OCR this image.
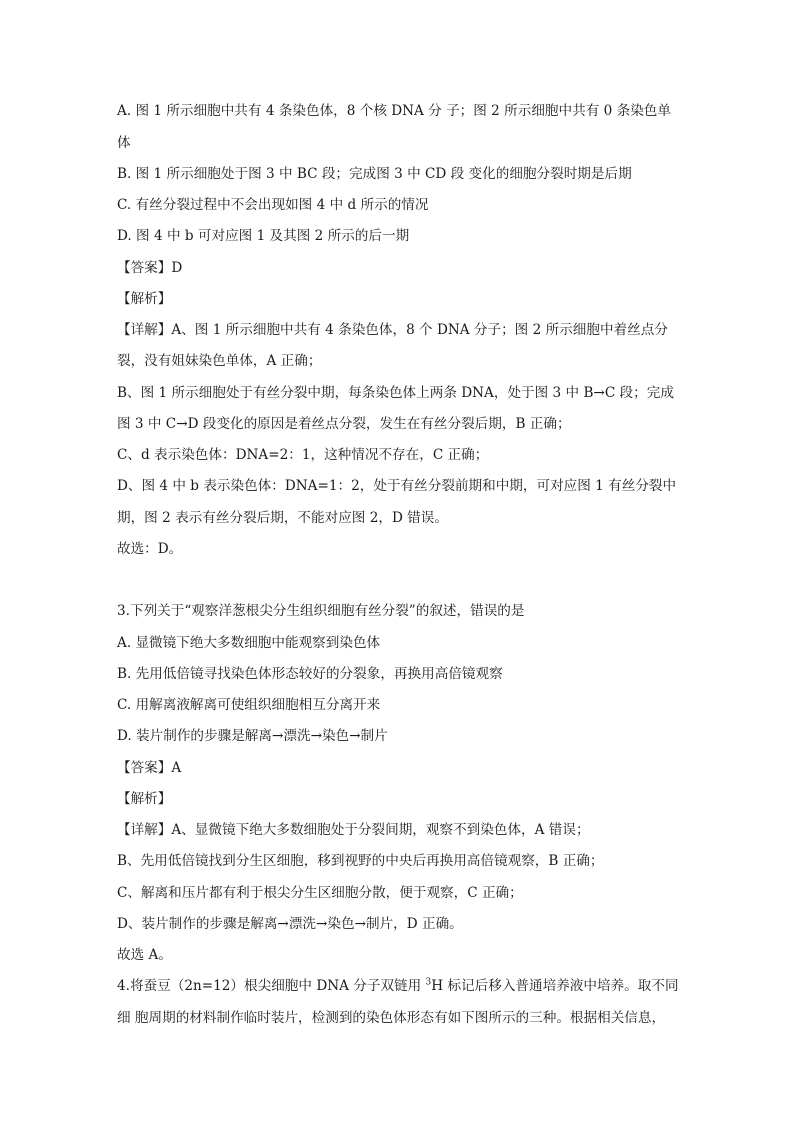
A. 图 1 所示细胞中共有 4 条染色体，8 个核 DNA 分 子；图 2 所示细胞中共有 0 条染色单
体
B. 图 1 所示细胞处于图 3 中 BC 段；完成图 3 中 CD 段 变化的细胞分裂时期是后期
C. 有丝分裂过程中不会出现如图 4 中 d 所示的情况
D. 图 4 中 b 可对应图 1 及其图 2 所示的后一期
【答案】D
【解析】
【详解】A、图 1 所示细胞中共有 4 条染色体，8 个 DNA 分子；图 2 所示细胞中着丝点分
裂，没有姐妹染色单体，A 正确；
B、图 1 所示细胞处于有丝分裂中期，每条染色体上两条 DNA，处于图 3 中 B→C 段；完成
图 3 中 C→D 段变化的原因是着丝点分裂，发生在有丝分裂后期，B 正确；
C、d 表示染色体：DNA=2：1，这种情况不存在，C 正确；
D、图 4 中 b 表示染色体：DNA=1：2，处于有丝分裂前期和中期，可对应图 1 有丝分裂中
期，图 2 表示有丝分裂后期，不能对应图 2，D 错误。
故选：D。
3.下列关于“观察洋葱根尖分生组织细胞有丝分裂”的叙述，错误的是
A. 显微镜下绝大多数细胞中能观察到染色体
B. 先用低倍镜寻找染色体形态较好的分裂象，再换用高倍镜观察
C. 用解离液解离可使组织细胞相互分离开来
D. 装片制作的步骤是解离→漂洗→染色→制片
【答案】A
【解析】
【详解】A、显微镜下绝大多数细胞处于分裂间期，观察不到染色体，A 错误；
B、先用低倍镜找到分生区细胞，移到视野的中央后再换用高倍镜观察，B 正确；
C、解离和压片都有利于根尖分生区细胞分散，便于观察，C 正确；
D、装片制作的步骤是解离→漂洗→染色→制片，D 正确。
故选 A。
4.将蚕豆（2n=12）根尖细胞中 DNA 分子双链用 $^3$H 标记后移入普通培养液中培养。取不同
细 胞周期的材料制作临时装片，检测到的染色体形态有如下图所示的三种。根据相关信息，
